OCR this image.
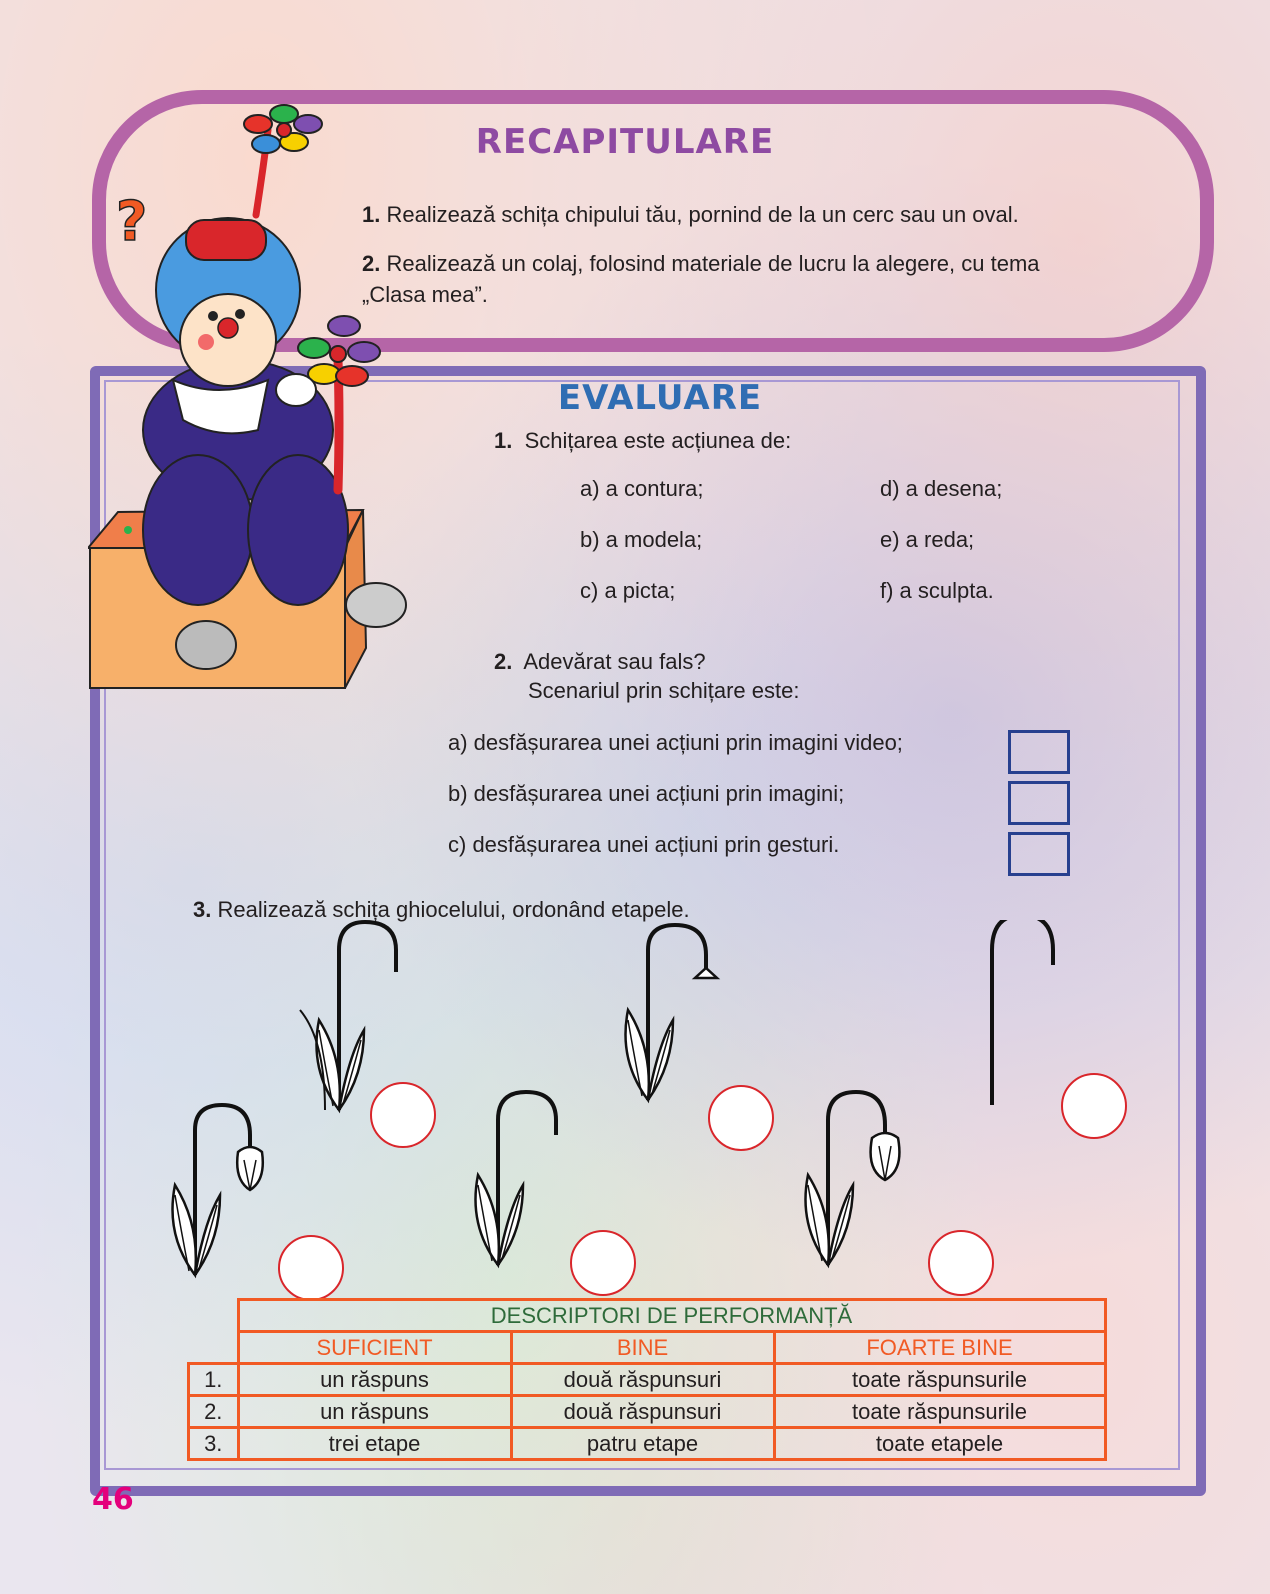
RECAPITULARE
1. Realizează schița chipului tău, pornind de la un cerc sau un oval.
2. Realizează un colaj, folosind materiale de lucru la alegere, cu tema
„Clasa mea”.
?
EVALUARE
1. Schițarea este acțiunea de:
a) a contura;
b) a modela;
c) a picta;
d) a desena;
e) a reda;
f) a sculpta.
2. Adevărat sau fals?
Scenariul prin schițare este:
a) desfășurarea unei acțiuni prin imagini video;
b) desfășurarea unei acțiuni prin imagini;
c) desfășurarea unei acțiuni prin gesturi.
3. Realizează schița ghiocelului, ordonând etapele.
	DESCRIPTORI DE PERFORMANȚĂ		
	SUFICIENT	BINE	FOARTE BINE
1.	un răspuns	două răspunsuri	toate răspunsurile
2.	un răspuns	două răspunsuri	toate răspunsurile
3.	trei etape	patru etape	toate etapele
46
